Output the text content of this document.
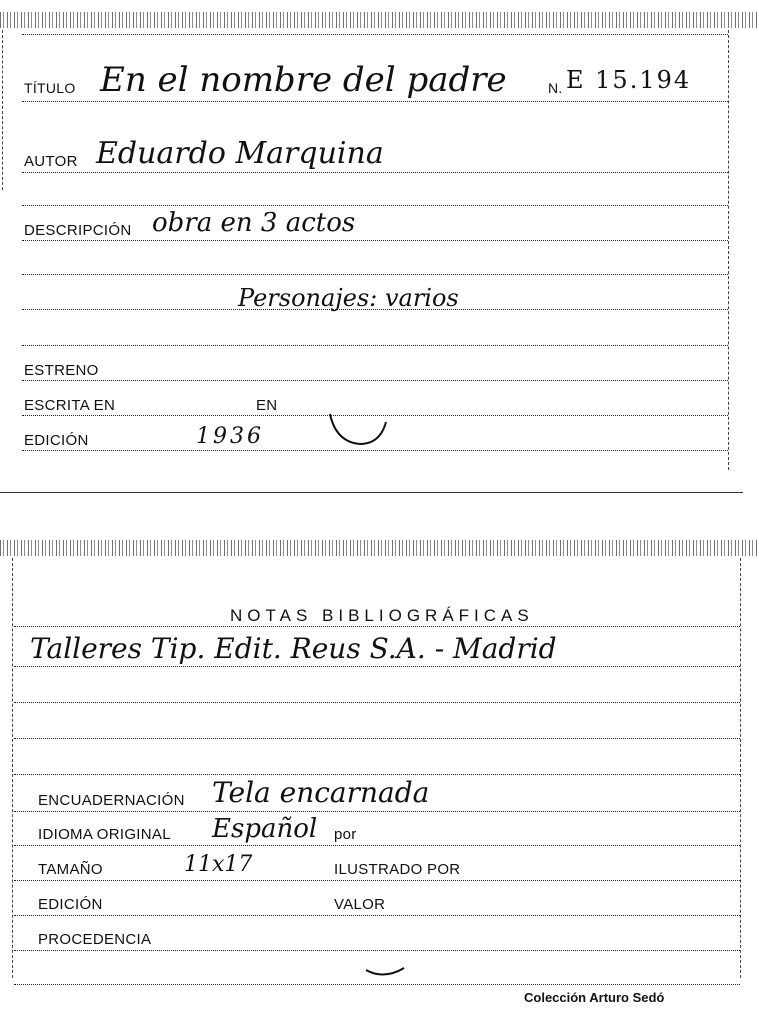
TÍTULO En el nombre del padre	N. E 15.194
AUTOR Eduardo Marquina
DESCRIPCIÓN obra en 3 actos
Personajes: varios
ESTRENO
ESCRITA EN	EN
EDICIÓN	1936
NOTAS BIBLIOGRÁFICAS
Talleres Tip. Edit. Reus S.A. - Madrid
ENCUADERNACIÓN Tela encarnada
IDIOMA ORIGINAL Español por
TAMAÑO	11x17	ILUSTRADO POR
EDICIÓN	VALOR
PROCEDENCIA
Colección Arturo Sedó
